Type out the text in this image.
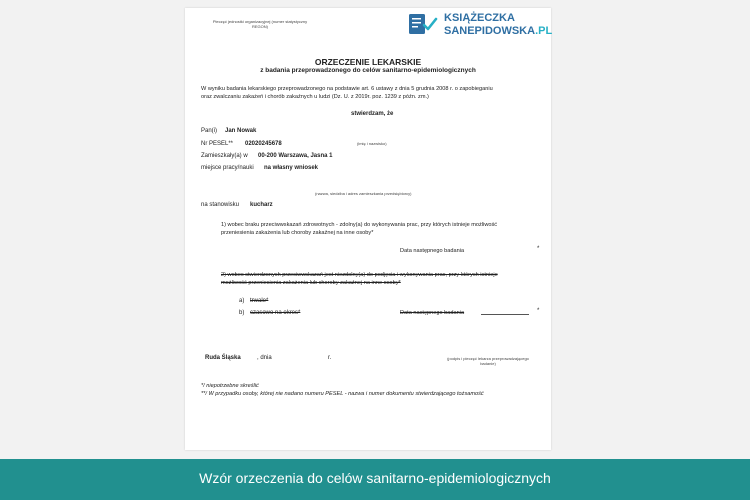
Pieczęć jednostki organizacyjnej (numer statystyczny REGON)
KSIĄŻECZKA
SANEPIDOWSKA.PL
ORZECZENIE LEKARSKIE
z badania przeprowadzonego do celów sanitarno-epidemiologicznych
W wyniku badania lekarskiego przeprowadzonego na podstawie art. 6 ustawy z dnia 5 grudnia 2008 r. o zapobieganiu
oraz zwalczaniu zakażeń i chorób zakaźnych u ludzi (Dz. U. z 2019r. poz. 1239 z późn. zm.)
stwierdzam, że
Pan(i) Jan Nowak
(imię i nazwisko)
Nr PESEL** 02020245678
Zamieszkały(a) w 00-200 Warszawa, Jasna 1
miejsce pracy/nauki na własny wniosek
(nazwa, siedziba i adres zamieszkania przedsiębiorcy)
na stanowisku kucharz
1) wobec braku przeciwwskazań zdrowotnych - zdolny(a) do wykonywania prac, przy których istnieje możliwość
przeniesienia zakażenia lub choroby zakaźnej na inne osoby*
Data następnego badania	*
2) wobec stwierdzonych przeciwwskazań jest niezdolny(a) do podjęcia i wykonywania prac, przy których istnieje
możliwość przeniesienia zakażenia lub choroby zakaźnej na inne osoby*
a) trwale*
b) czasowo na okres*	Data następnego badania	*
Ruda Śląska	, dnia	r.	(podpis i pieczęć lekarza przeprowadzającego badanie)
*/ niepotrzebne skreślić
**/ W przypadku osoby, której nie nadano numeru PESEL - nazwa i numer dokumentu stwierdzającego tożsamość
Wzór orzeczenia do celów sanitarno-epidemiologicznych
